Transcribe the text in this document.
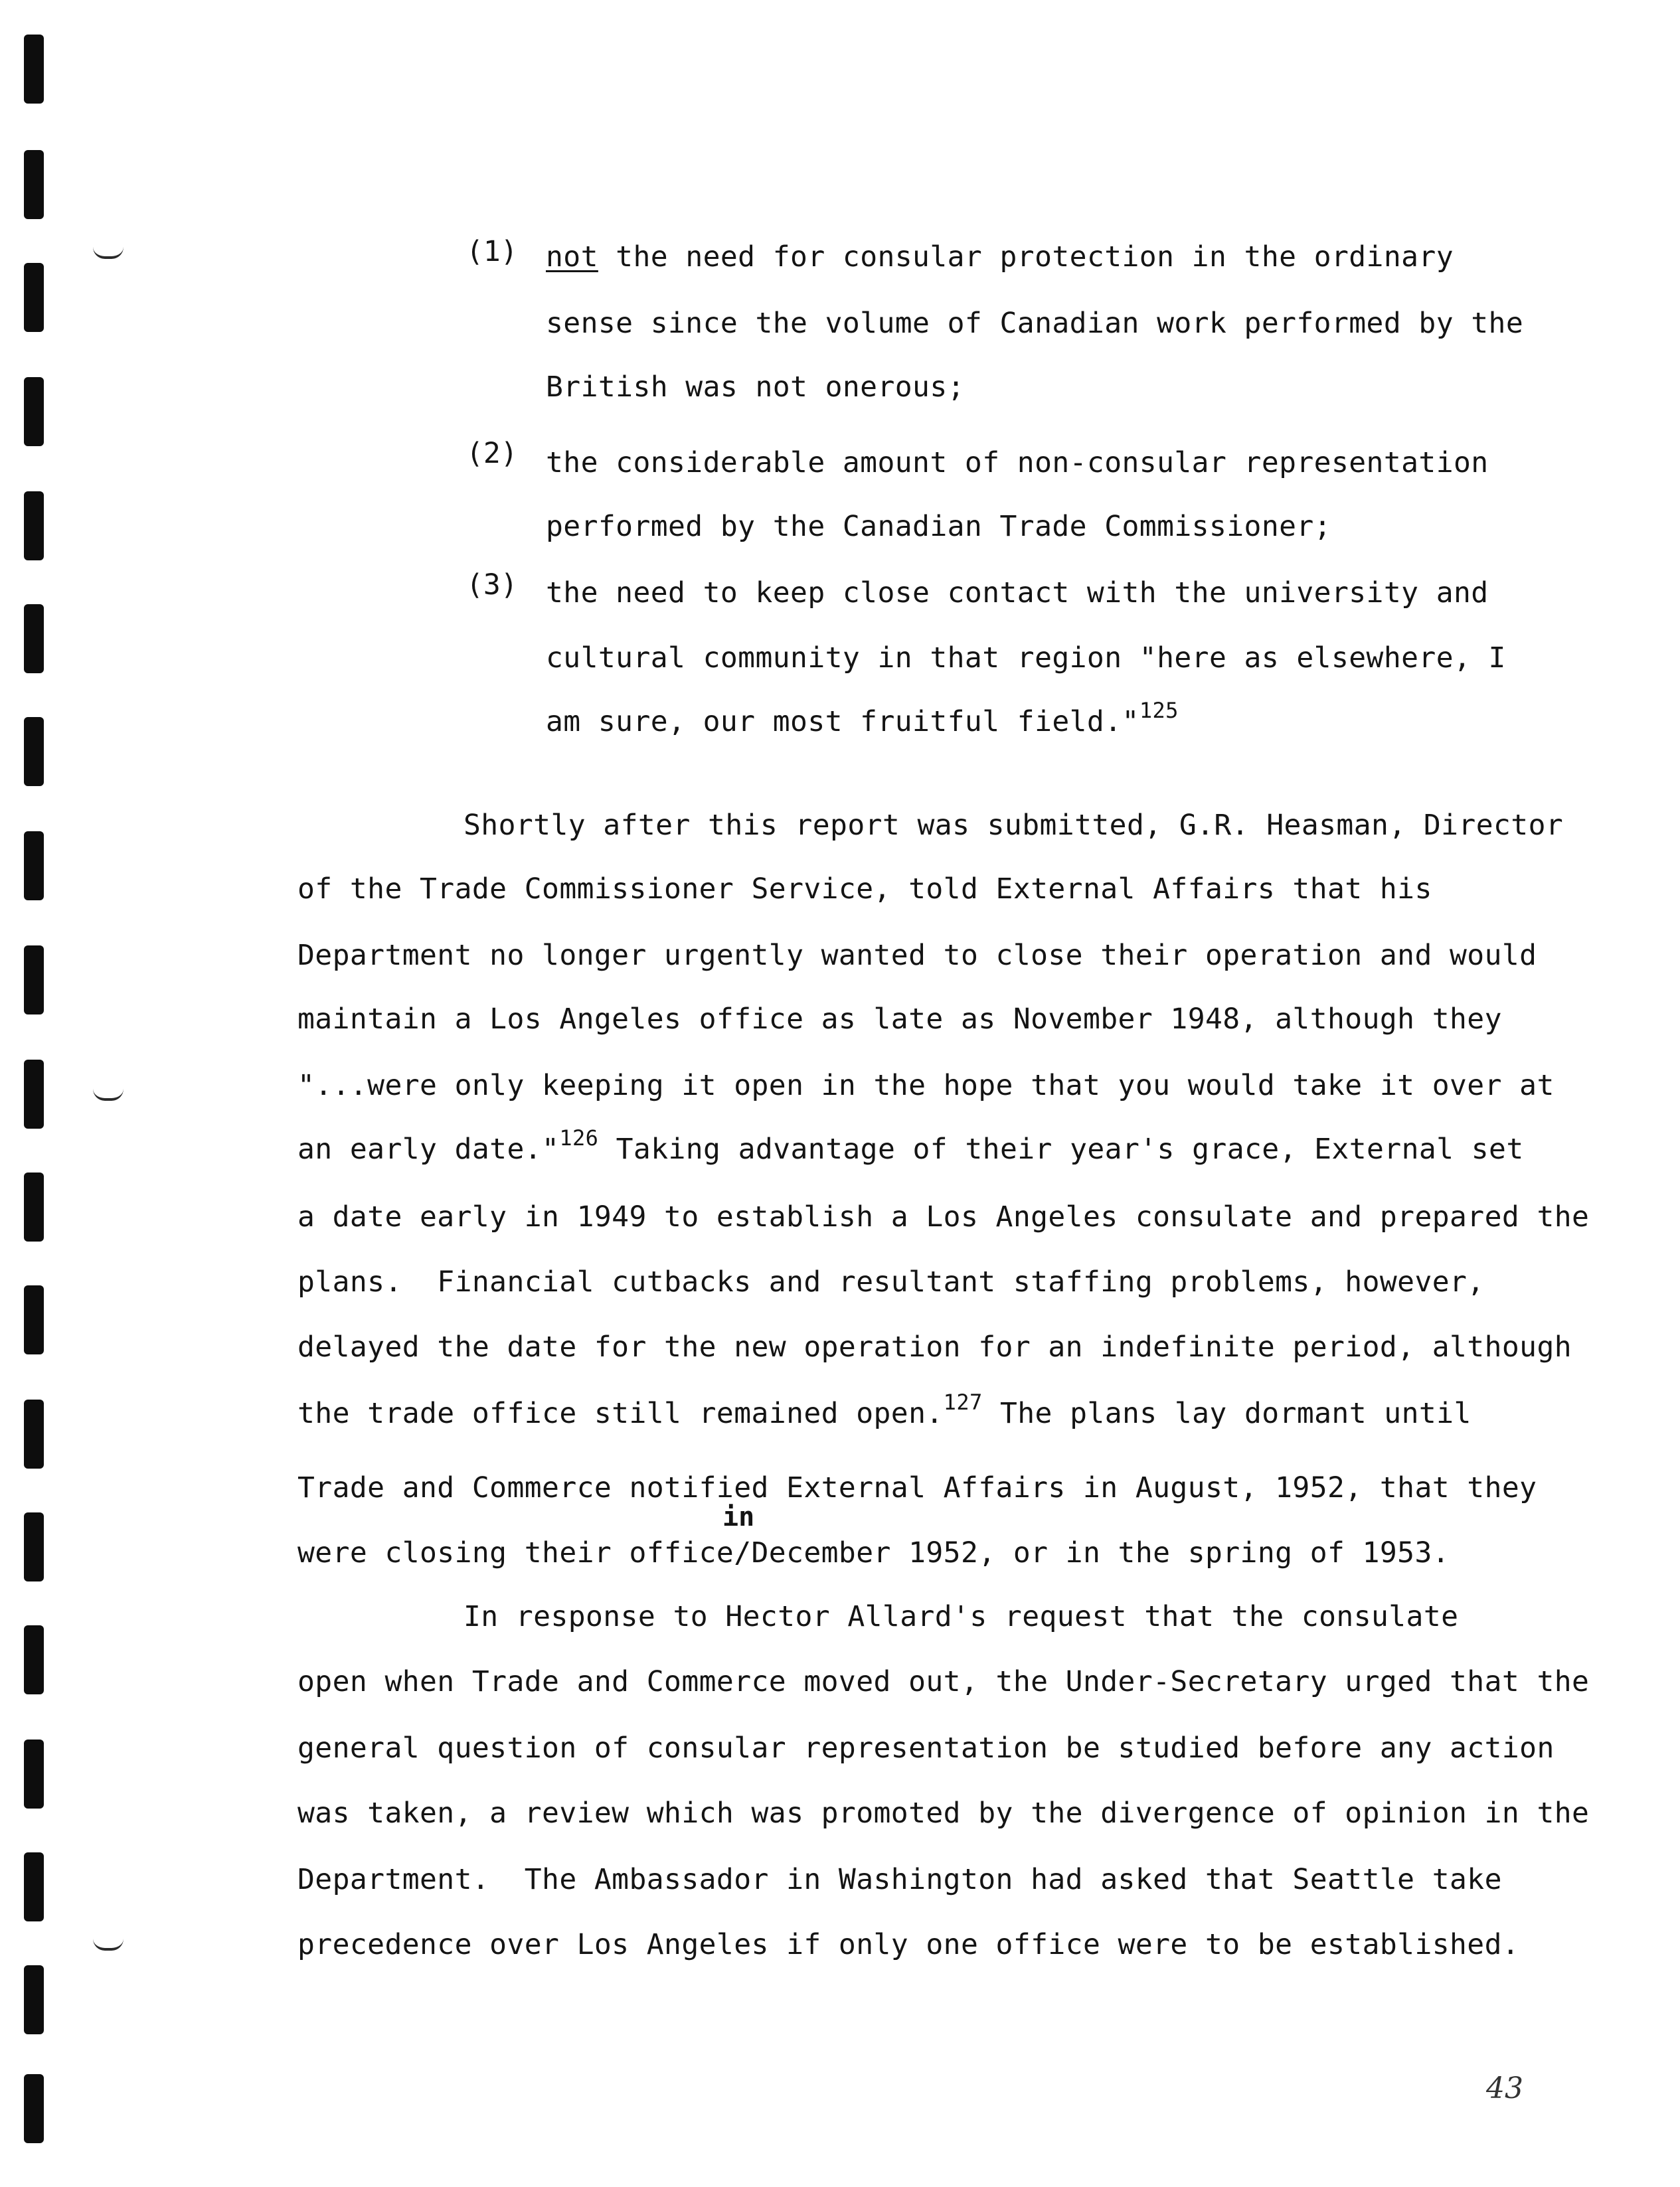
(1) not the need for consular protection in the ordinary
sense since the volume of Canadian work performed by the
British was not onerous;
(2) the considerable amount of non-consular representation
performed by the Canadian Trade Commissioner;
(3) the need to keep close contact with the university and
cultural community in that region "here as elsewhere, I
am sure, our most fruitful field."$^{125}$
Shortly after this report was submitted, G.R. Heasman, Director
of the Trade Commissioner Service, told External Affairs that his
Department no longer urgently wanted to close their operation and would
maintain a Los Angeles office as late as November 1948, although they
"...were only keeping it open in the hope that you would take it over at
an early date."$^{126}$ Taking advantage of their year's grace, External set
a date early in 1949 to establish a Los Angeles consulate and prepared the
plans.  Financial cutbacks and resultant staffing problems, however,
delayed the date for the new operation for an indefinite period, although
the trade office still remained open.$^{127}$ The plans lay dormant until
Trade and Commerce notified External Affairs in August, 1952, that they
in
were closing their office/December 1952, or in the spring of 1953.
In response to Hector Allard's request that the consulate
open when Trade and Commerce moved out, the Under-Secretary urged that the
general question of consular representation be studied before any action
was taken, a review which was promoted by the divergence of opinion in the
Department.  The Ambassador in Washington had asked that Seattle take
precedence over Los Angeles if only one office were to be established.
43
